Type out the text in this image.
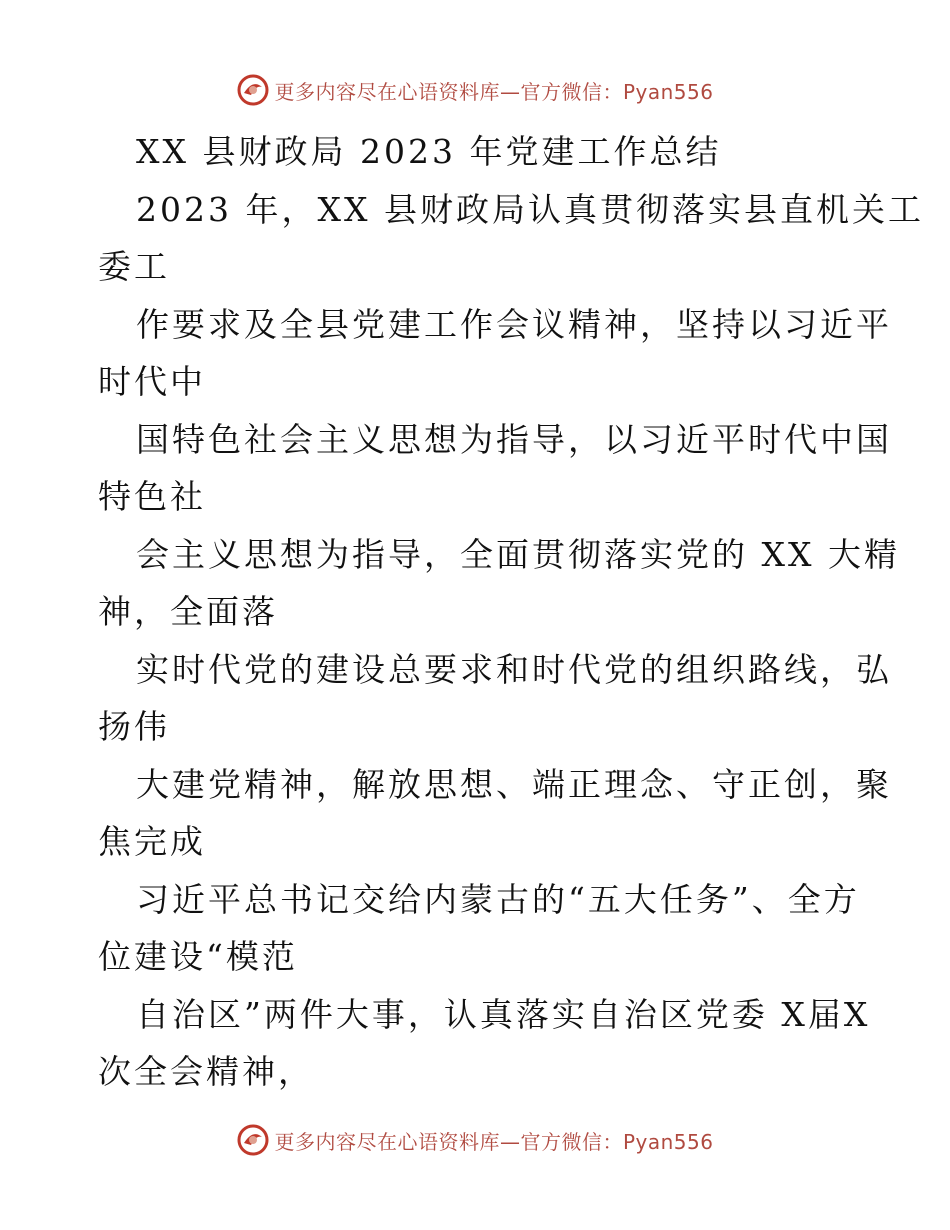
更多内容尽在心语资料库—官方微信：Pyan556
XX 县财政局 2023 年党建工作总结
2023 年，XX 县财政局认真贯彻落实县直机关工
委工
作要求及全县党建工作会议精神，坚持以习近平
时代中
国特色社会主义思想为指导，以习近平时代中国
特色社
会主义思想为指导，全面贯彻落实党的 XX 大精
神，全面落
实时代党的建设总要求和时代党的组织路线，弘
扬伟
大建党精神，解放思想、端正理念、守正创，聚
焦完成
习近平总书记交给内蒙古的“五大任务”、全方
位建设“模范
自治区”两件大事，认真落实自治区党委 X届X
次全会精神，
更多内容尽在心语资料库—官方微信：Pyan556
